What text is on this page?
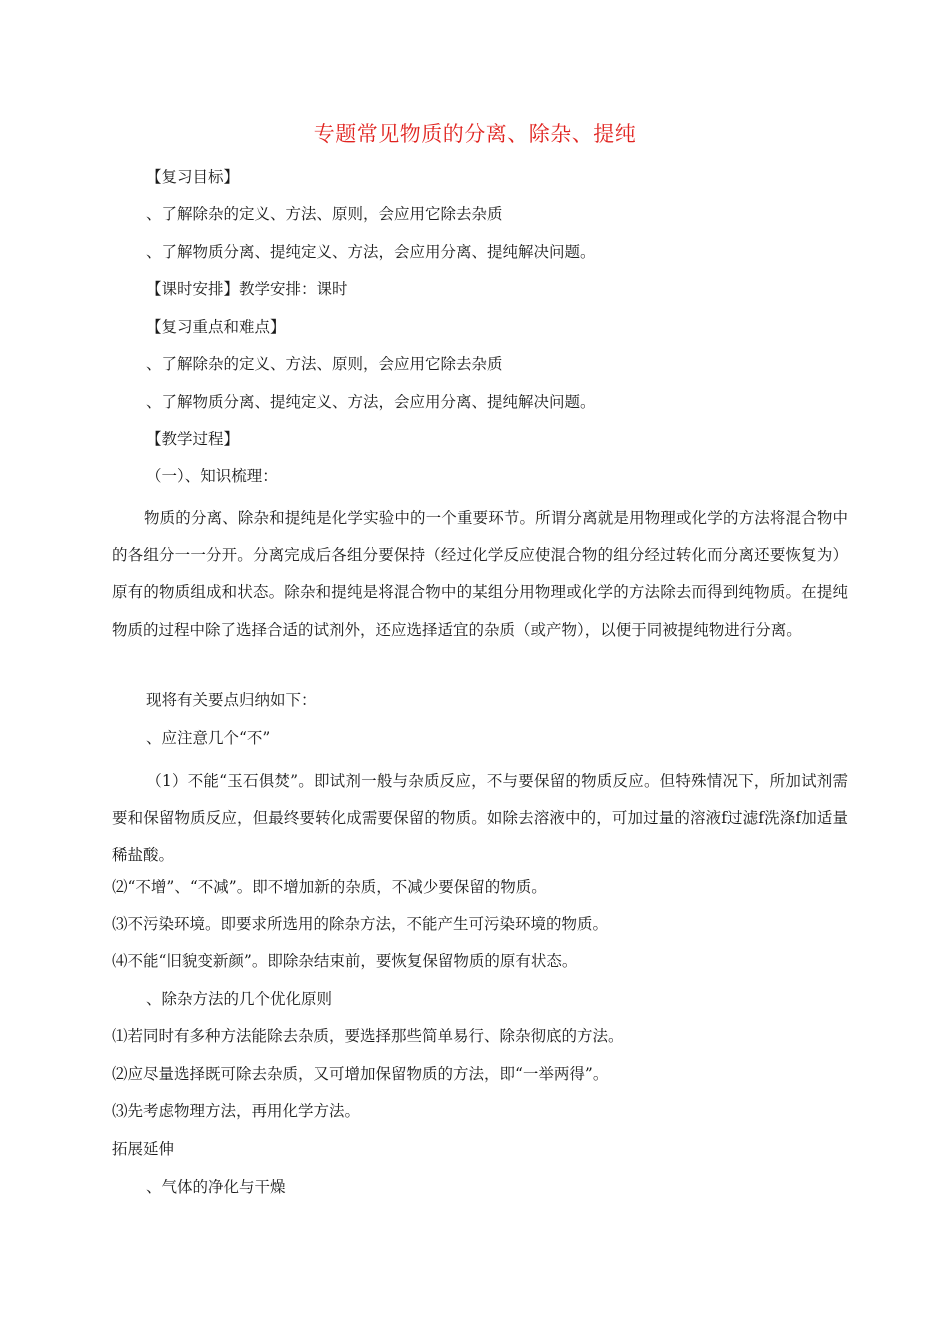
专题常见物质的分离、除杂、提纯
【复习目标】
、了解除杂的定义、方法、原则，会应用它除去杂质
、了解物质分离、提纯定义、方法，会应用分离、提纯解决问题。
【课时安排】教学安排：课时
【复习重点和难点】
、了解除杂的定义、方法、原则，会应用它除去杂质
、了解物质分离、提纯定义、方法，会应用分离、提纯解决问题。
【教学过程】
（一）、知识梳理：
物质的分离、除杂和提纯是化学实验中的一个重要环节。所谓分离就是用物理或化学的方法将混合物中的各组分一一分开。分离完成后各组分要保持（经过化学反应使混合物的组分经过转化而分离还要恢复为）原有的物质组成和状态。除杂和提纯是将混合物中的某组分用物理或化学的方法除去而得到纯物质。在提纯物质的过程中除了选择合适的试剂外，还应选择适宜的杂质（或产物），以便于同被提纯物进行分离。
现将有关要点归纳如下：
、应注意几个“不”
（1）不能“玉石俱焚”。即试剂一般与杂质反应，不与要保留的物质反应。但特殊情况下，所加试剂需要和保留物质反应，但最终要转化成需要保留的物质。如除去溶液中的，可加过量的溶液f过滤f洗涤f加适量稀盐酸。
⑵“不增”、“不减”。即不增加新的杂质，不减少要保留的物质。
⑶不污染环境。即要求所选用的除杂方法，不能产生可污染环境的物质。
⑷不能“旧貌变新颜”。即除杂结束前，要恢复保留物质的原有状态。
、除杂方法的几个优化原则
⑴若同时有多种方法能除去杂质，要选择那些简单易行、除杂彻底的方法。
⑵应尽量选择既可除去杂质，又可增加保留物质的方法，即“一举两得”。
⑶先考虑物理方法，再用化学方法。
拓展延伸
、气体的净化与干燥
